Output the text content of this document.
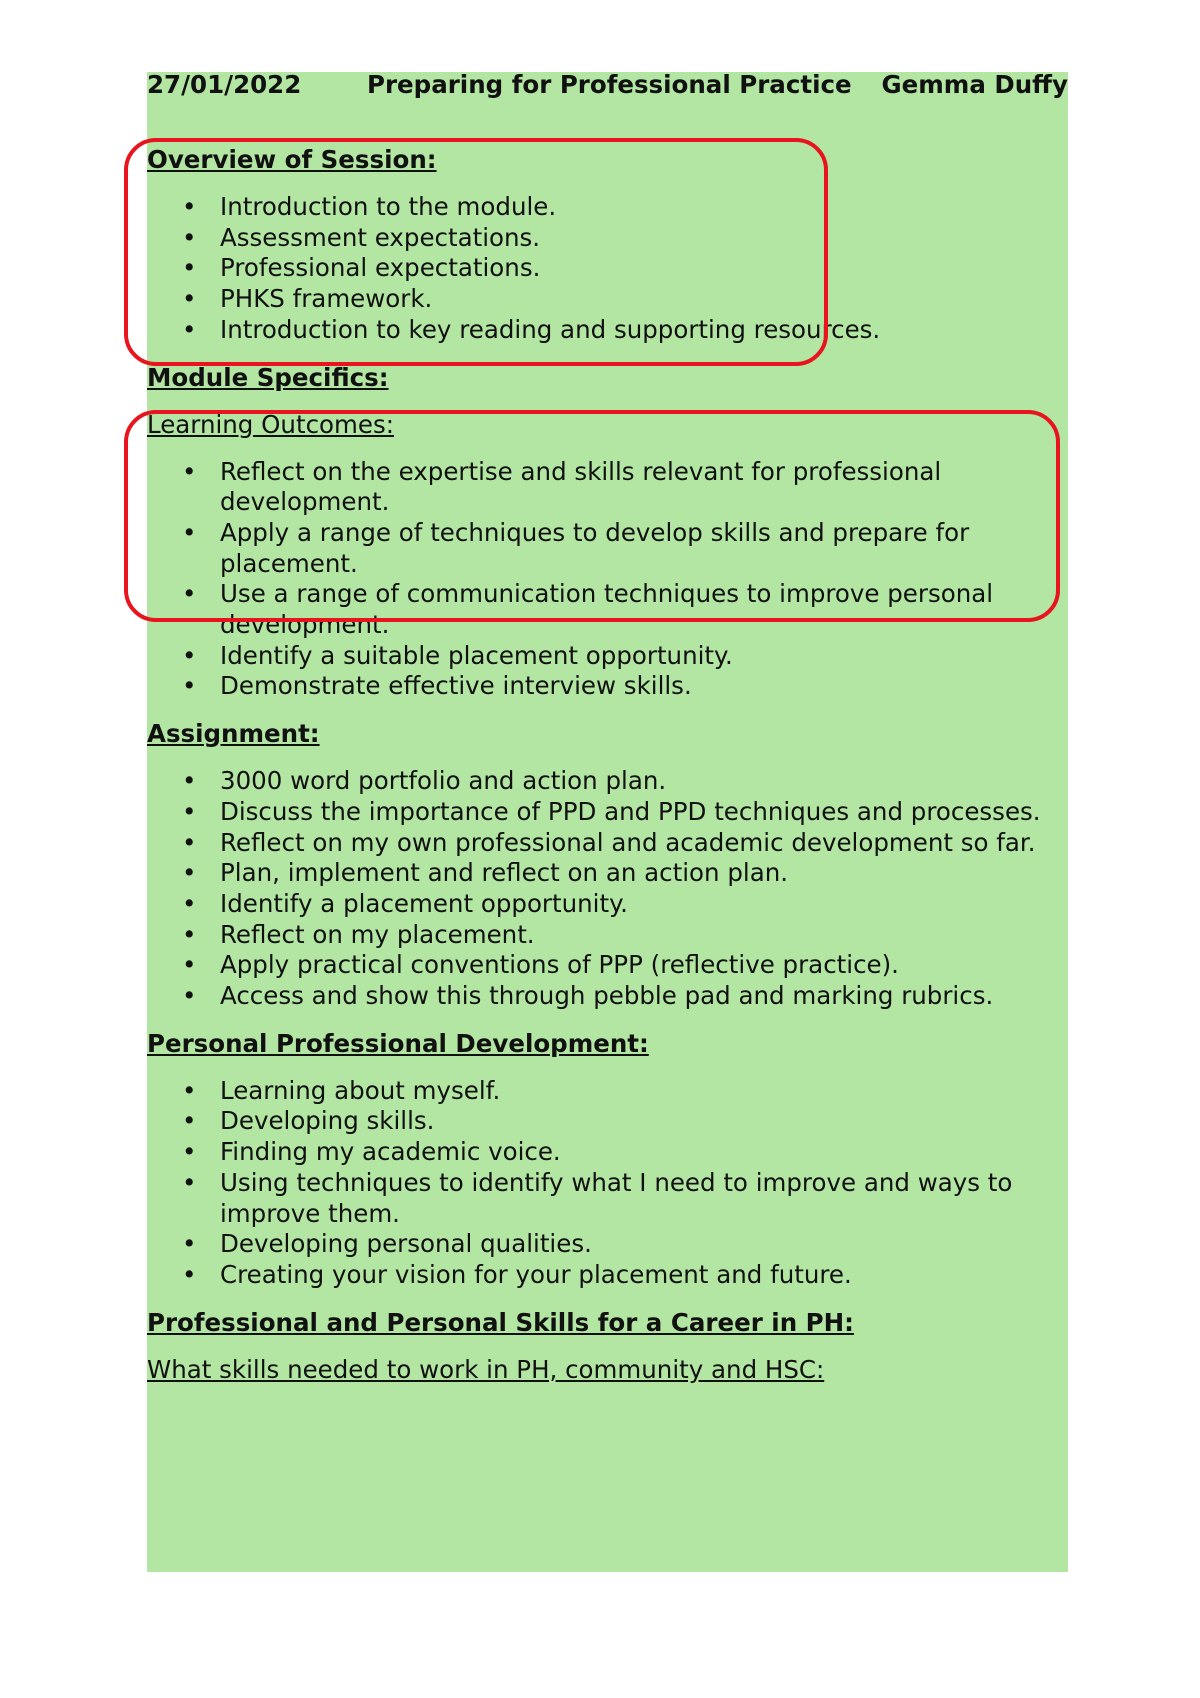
27/01/2022	Preparing for Professional Practice Gemma Duffy
Overview of Session:
• Introduction to the module.
• Assessment expectations.
• Professional expectations.
• PHKS framework.
• Introduction to key reading and supporting resources.
Module Specifics:
Learning Outcomes:
• Reflect on the expertise and skills relevant for professional development.
• Apply a range of techniques to develop skills and prepare for placement.
• Use a range of communication techniques to improve personal development.
• Identify a suitable placement opportunity.
• Demonstrate effective interview skills.
Assignment:
• 3000 word portfolio and action plan.
• Discuss the importance of PPD and PPD techniques and processes.
• Reflect on my own professional and academic development so far.
• Plan, implement and reflect on an action plan.
• Identify a placement opportunity.
• Reflect on my placement.
• Apply practical conventions of PPP (reflective practice).
• Access and show this through pebble pad and marking rubrics.
Personal Professional Development:
• Learning about myself.
• Developing skills.
• Finding my academic voice.
• Using techniques to identify what I need to improve and ways to improve them.
• Developing personal qualities.
• Creating your vision for your placement and future.
Professional and Personal Skills for a Career in PH:
What skills needed to work in PH, community and HSC:
